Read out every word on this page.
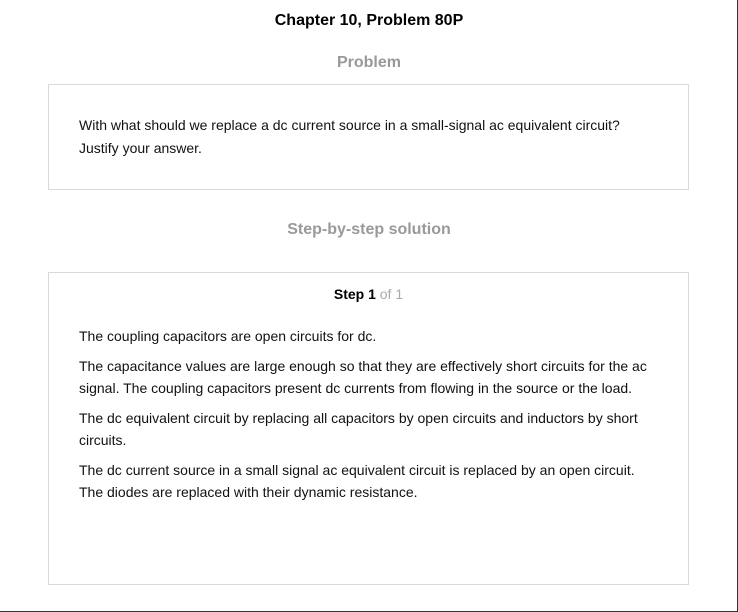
Chapter 10, Problem 80P
Problem

With what should we replace a dc current source in a small-signal ac equivalent circuit? Justify your answer.

Step-by-step solution
Step 1 of 1

The coupling capacitors are open circuits for dc.

The capacitance values are large enough so that they are effectively short circuits for the ac signal. The coupling capacitors present dc currents from flowing in the source or the load.

The dc equivalent circuit by replacing all capacitors by open circuits and inductors by short circuits.

The dc current source in a small signal ac equivalent circuit is replaced by an open circuit. The diodes are replaced with their dynamic resistance.
